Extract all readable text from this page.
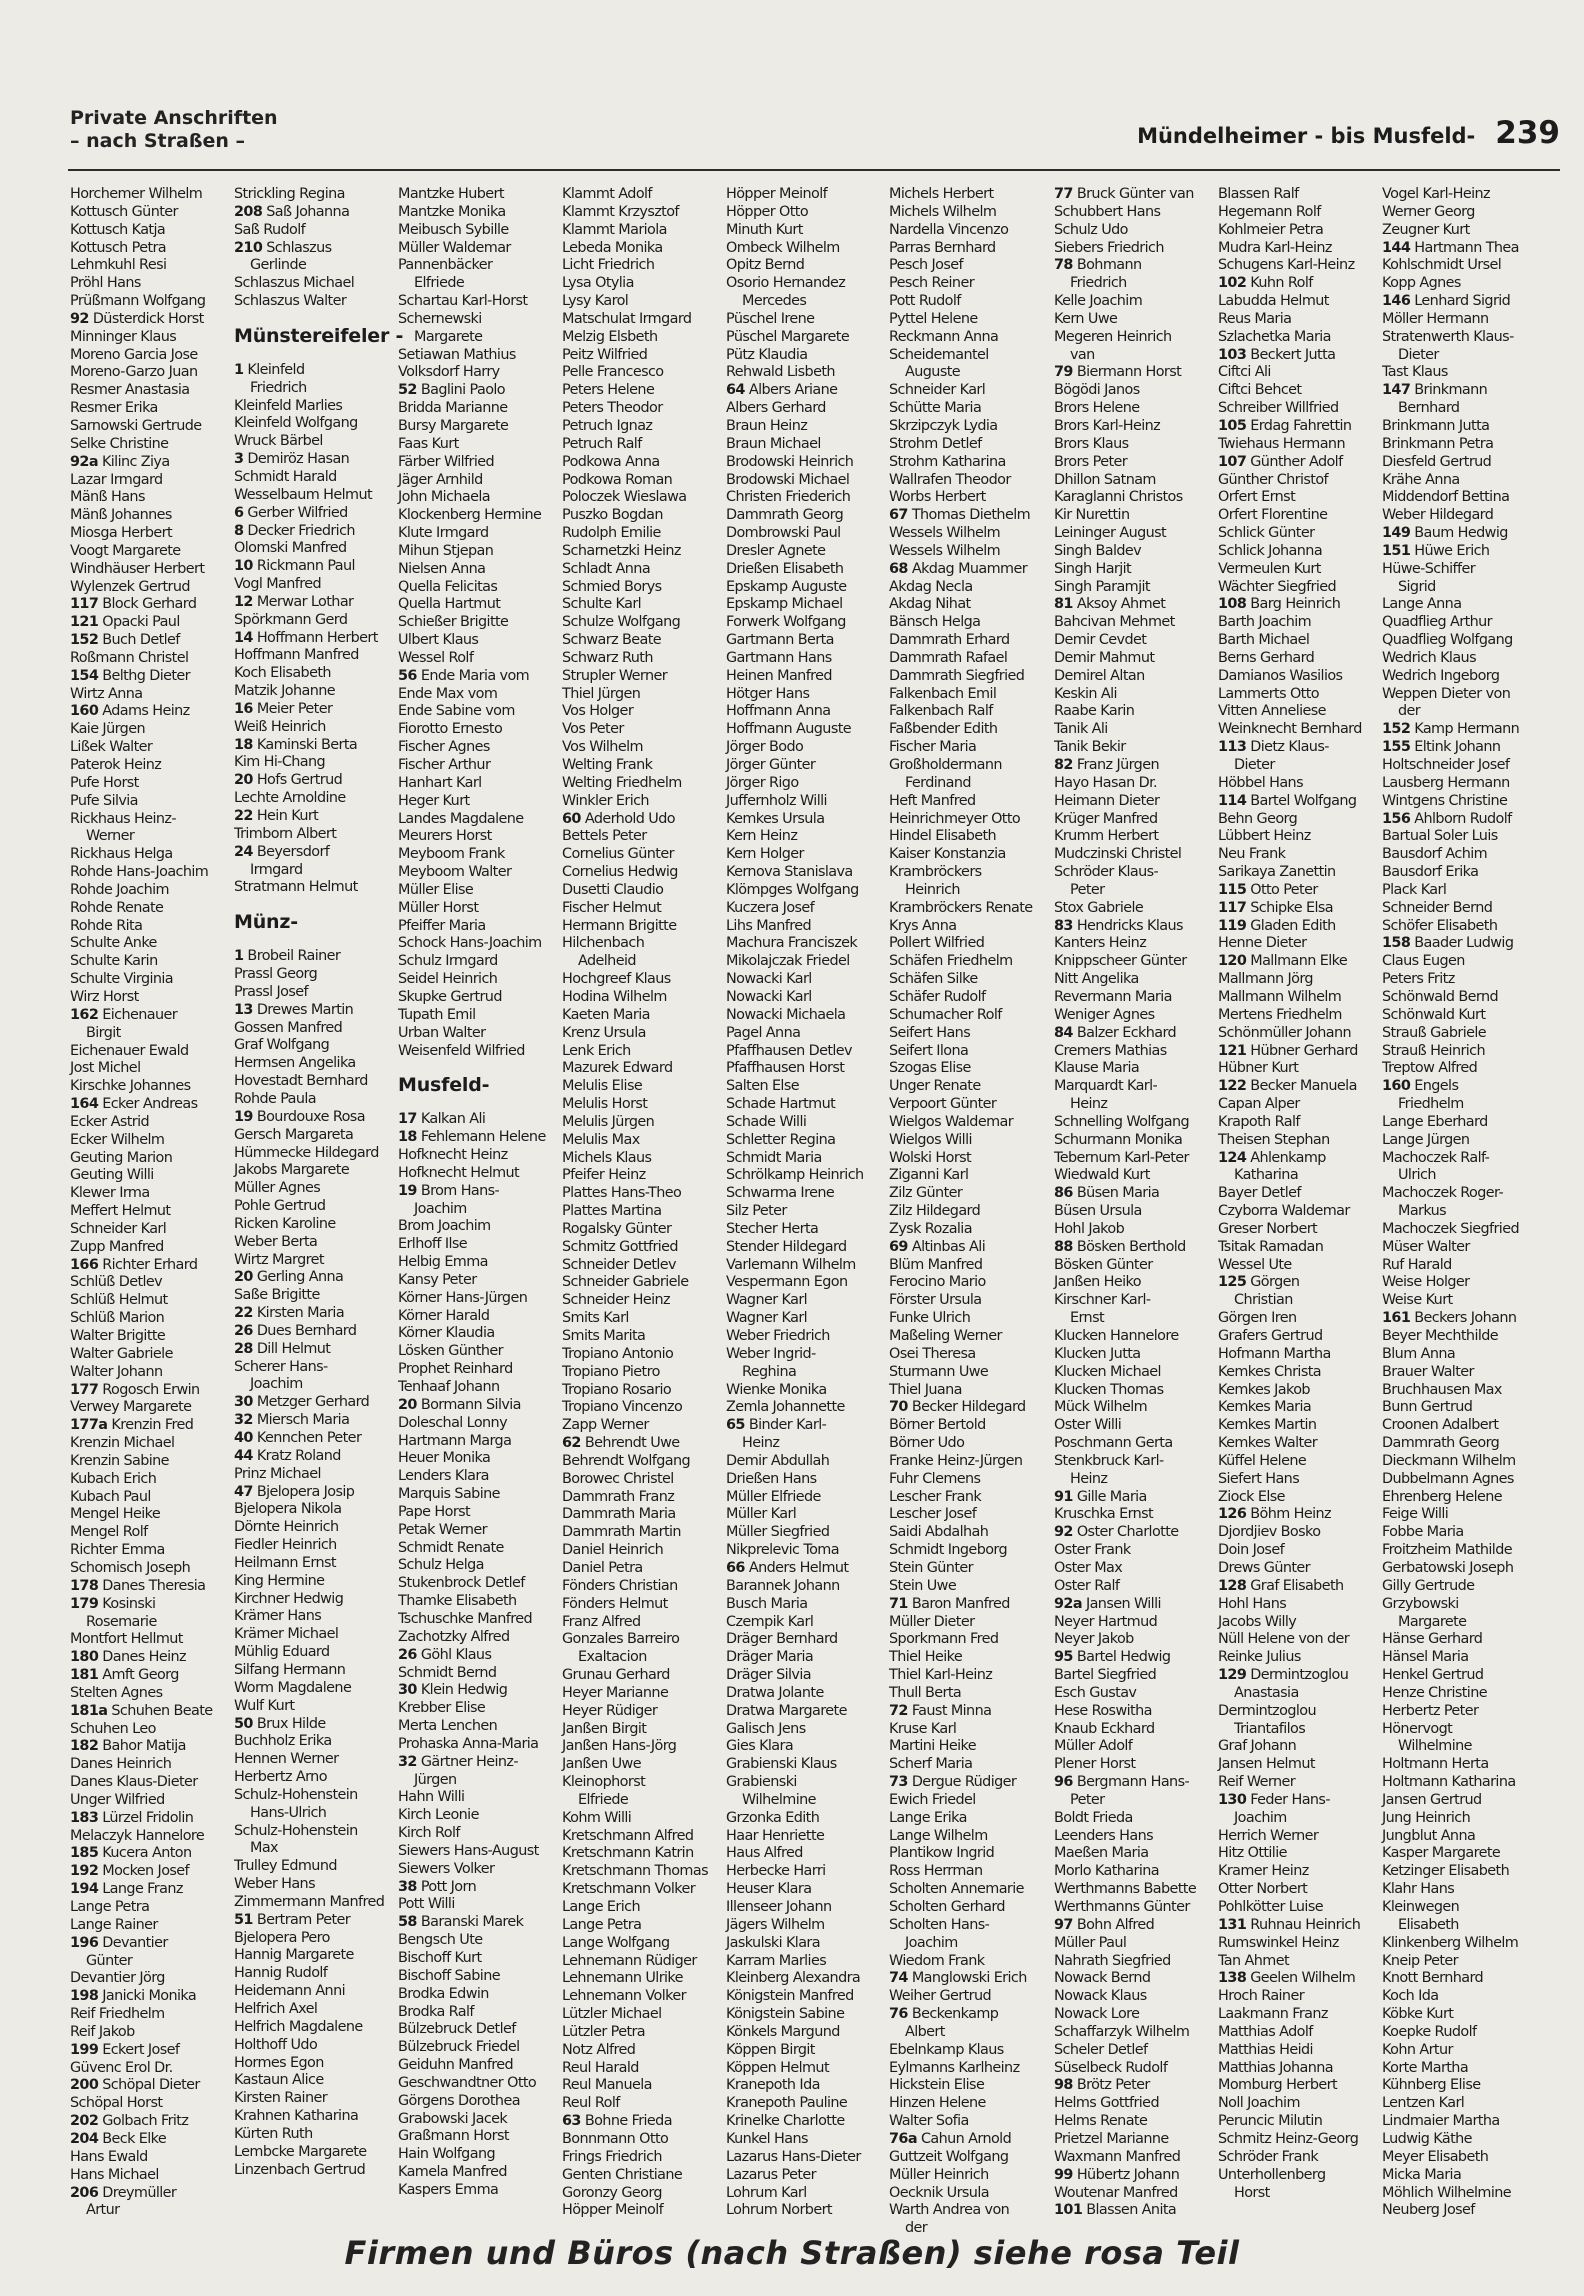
Private Anschriften
– nach Straßen –	Mündelheimer - bis Musfeld- 239
Horchemer Wilhelm
Kottusch Günter
Kottusch Katja
Kottusch Petra
Lehmkuhl Resi
Pröhl Hans
Prüßmann Wolfgang
92 Düsterdick Horst
Minninger Klaus
Moreno Garcia Jose
Moreno-Garzo Juan
Resmer Anastasia
Resmer Erika
Sarnowski Gertrude
Selke Christine
92a Kilinc Ziya
Lazar Irmgard
Mänß Hans
Mänß Johannes
Miosga Herbert
Voogt Margarete
Windhäuser Herbert
Wylenzek Gertrud
117 Block Gerhard
121 Opacki Paul
152 Buch Detlef
Roßmann Christel
154 Belthg Dieter
Wirtz Anna
160 Adams Heinz
Kaie Jürgen
Lißek Walter
Paterok Heinz
Pufe Horst
Pufe Silvia
Rickhaus Heinz-
Werner
Rickhaus Helga
Rohde Hans-Joachim
Rohde Joachim
Rohde Renate
Rohde Rita
Schulte Anke
Schulte Karin
Schulte Virginia
Wirz Horst
162 Eichenauer
Birgit
Eichenauer Ewald
Jost Michel
Kirschke Johannes
164 Ecker Andreas
Ecker Astrid
Ecker Wilhelm
Geuting Marion
Geuting Willi
Klewer Irma
Meffert Helmut
Schneider Karl
Zupp Manfred
166 Richter Erhard
Schlüß Detlev
Schlüß Helmut
Schlüß Marion
Walter Brigitte
Walter Gabriele
Walter Johann
177 Rogosch Erwin
Verwey Margarete
177a Krenzin Fred
Krenzin Michael
Krenzin Sabine
Kubach Erich
Kubach Paul
Mengel Heike
Mengel Rolf
Richter Emma
Schomisch Joseph
178 Danes Theresia
179 Kosinski
Rosemarie
Montfort Hellmut
180 Danes Heinz
181 Amft Georg
Stelten Agnes
181a Schuhen Beate
Schuhen Leo
182 Bahor Matija
Danes Heinrich
Danes Klaus-Dieter
Unger Wilfried
183 Lürzel Fridolin
Melaczyk Hannelore
185 Kucera Anton
192 Mocken Josef
194 Lange Franz
Lange Petra
Lange Rainer
196 Devantier
Günter
Devantier Jörg
198 Janicki Monika
Reif Friedhelm
Reif Jakob
199 Eckert Josef
Güvenc Erol Dr.
200 Schöpal Dieter
Schöpal Horst
202 Golbach Fritz
204 Beck Elke
Hans Ewald
Hans Michael
206 Dreymüller
Artur
Strickling Regina
208 Saß Johanna
Saß Rudolf
210 Schlaszus
Gerlinde
Schlaszus Michael
Schlaszus Walter
Münstereifeler -
1 Kleinfeld
Friedrich
Kleinfeld Marlies
Kleinfeld Wolfgang
Wruck Bärbel
3 Demiröz Hasan
Schmidt Harald
Wesselbaum Helmut
6 Gerber Wilfried
8 Decker Friedrich
Olomski Manfred
10 Rickmann Paul
Vogl Manfred
12 Merwar Lothar
Spörkmann Gerd
14 Hoffmann Herbert
Hoffmann Manfred
Koch Elisabeth
Matzik Johanne
16 Meier Peter
Weiß Heinrich
18 Kaminski Berta
Kim Hi-Chang
20 Hofs Gertrud
Lechte Arnoldine
22 Hein Kurt
Trimborn Albert
24 Beyersdorf
Irmgard
Stratmann Helmut
Münz-
1 Brobeil Rainer
Prassl Georg
Prassl Josef
13 Drewes Martin
Gossen Manfred
Graf Wolfgang
Hermsen Angelika
Hovestadt Bernhard
Rohde Paula
19 Bourdouxe Rosa
Gersch Margareta
Hümmecke Hildegard
Jakobs Margarete
Müller Agnes
Pohle Gertrud
Ricken Karoline
Weber Berta
Wirtz Margret
20 Gerling Anna
Saße Brigitte
22 Kirsten Maria
26 Dues Bernhard
28 Dill Helmut
Scherer Hans-
Joachim
30 Metzger Gerhard
32 Miersch Maria
40 Kennchen Peter
44 Kratz Roland
Prinz Michael
47 Bjelopera Josip
Bjelopera Nikola
Dörnte Heinrich
Fiedler Heinrich
Heilmann Ernst
King Hermine
Kirchner Hedwig
Krämer Hans
Krämer Michael
Mühlig Eduard
Silfang Hermann
Worm Magdalene
Wulf Kurt
50 Brux Hilde
Buchholz Erika
Hennen Werner
Herbertz Arno
Schulz-Hohenstein
Hans-Ulrich
Schulz-Hohenstein
Max
Trulley Edmund
Weber Hans
Zimmermann Manfred
51 Bertram Peter
Bjelopera Pero
Hannig Margarete
Hannig Rudolf
Heidemann Anni
Helfrich Axel
Helfrich Magdalene
Holthoff Udo
Hormes Egon
Kastaun Alice
Kirsten Rainer
Krahnen Katharina
Kürten Ruth
Lembcke Margarete
Linzenbach Gertrud
Mantzke Hubert
Mantzke Monika
Meibusch Sybille
Müller Waldemar
Pannenbäcker
Elfriede
Schartau Karl-Horst
Schernewski
Margarete
Setiawan Mathius
Volksdorf Harry
52 Baglini Paolo
Bridda Marianne
Bursy Margarete
Faas Kurt
Färber Wilfried
Jäger Arnhild
John Michaela
Klockenberg Hermine
Klute Irmgard
Mihun Stjepan
Nielsen Anna
Quella Felicitas
Quella Hartmut
Schießer Brigitte
Ulbert Klaus
Wessel Rolf
56 Ende Maria vom
Ende Max vom
Ende Sabine vom
Fiorotto Ernesto
Fischer Agnes
Fischer Arthur
Hanhart Karl
Heger Kurt
Landes Magdalene
Meurers Horst
Meyboom Frank
Meyboom Walter
Müller Elise
Müller Horst
Pfeiffer Maria
Schock Hans-Joachim
Schulz Irmgard
Seidel Heinrich
Skupke Gertrud
Tupath Emil
Urban Walter
Weisenfeld Wilfried
Musfeld-
17 Kalkan Ali
18 Fehlemann Helene
Hofknecht Heinz
Hofknecht Helmut
19 Brom Hans-
Joachim
Brom Joachim
Erlhoff Ilse
Helbig Emma
Kansy Peter
Körner Hans-Jürgen
Körner Harald
Körner Klaudia
Lösken Günther
Prophet Reinhard
Tenhaaf Johann
20 Bormann Silvia
Doleschal Lonny
Hartmann Marga
Heuer Monika
Lenders Klara
Marquis Sabine
Pape Horst
Petak Werner
Schmidt Renate
Schulz Helga
Stukenbrock Detlef
Thamke Elisabeth
Tschuschke Manfred
Zachotzky Alfred
26 Göhl Klaus
Schmidt Bernd
30 Klein Hedwig
Krebber Elise
Merta Lenchen
Prohaska Anna-Maria
32 Gärtner Heinz-
Jürgen
Hahn Willi
Kirch Leonie
Kirch Rolf
Siewers Hans-August
Siewers Volker
38 Pott Jorn
Pott Willi
58 Baranski Marek
Bengsch Ute
Bischoff Kurt
Bischoff Sabine
Brodka Edwin
Brodka Ralf
Bülzebruck Detlef
Bülzebruck Friedel
Geiduhn Manfred
Geschwandtner Otto
Görgens Dorothea
Grabowski Jacek
Graßmann Horst
Hain Wolfgang
Kamela Manfred
Kaspers Emma
Klammt Adolf
Klammt Krzysztof
Klammt Mariola
Lebeda Monika
Licht Friedrich
Lysa Otylia
Lysy Karol
Matschulat Irmgard
Melzig Elsbeth
Peitz Wilfried
Pelle Francesco
Peters Helene
Peters Theodor
Petruch Ignaz
Petruch Ralf
Podkowa Anna
Podkowa Roman
Poloczek Wieslawa
Puszko Bogdan
Rudolph Emilie
Scharnetzki Heinz
Schladt Anna
Schmied Borys
Schulte Karl
Schulze Wolfgang
Schwarz Beate
Schwarz Ruth
Strupler Werner
Thiel Jürgen
Vos Holger
Vos Peter
Vos Wilhelm
Welting Frank
Welting Friedhelm
Winkler Erich
60 Aderhold Udo
Bettels Peter
Cornelius Günter
Cornelius Hedwig
Dusetti Claudio
Fischer Helmut
Hermann Brigitte
Hilchenbach
Adelheid
Hochgreef Klaus
Hodina Wilhelm
Kaeten Maria
Krenz Ursula
Lenk Erich
Mazurek Edward
Melulis Elise
Melulis Horst
Melulis Jürgen
Melulis Max
Michels Klaus
Pfeifer Heinz
Plattes Hans-Theo
Plattes Martina
Rogalsky Günter
Schmitz Gottfried
Schneider Detlev
Schneider Gabriele
Schneider Heinz
Smits Karl
Smits Marita
Tropiano Antonio
Tropiano Pietro
Tropiano Rosario
Tropiano Vincenzo
Zapp Werner
62 Behrendt Uwe
Behrendt Wolfgang
Borowec Christel
Dammrath Franz
Dammrath Maria
Dammrath Martin
Daniel Heinrich
Daniel Petra
Fönders Christian
Fönders Helmut
Franz Alfred
Gonzales Barreiro
Exaltacion
Grunau Gerhard
Heyer Marianne
Heyer Rüdiger
Janßen Birgit
Janßen Hans-Jörg
Janßen Uwe
Kleinophorst
Elfriede
Kohm Willi
Kretschmann Alfred
Kretschmann Katrin
Kretschmann Thomas
Kretschmann Volker
Lange Erich
Lange Petra
Lange Wolfgang
Lehnemann Rüdiger
Lehnemann Ulrike
Lehnemann Volker
Lützler Michael
Lützler Petra
Notz Alfred
Reul Harald
Reul Manuela
Reul Rolf
63 Bohne Frieda
Bonnmann Otto
Frings Friedrich
Genten Christiane
Goronzy Georg
Höpper Meinolf
Höpper Meinolf
Höpper Otto
Minuth Kurt
Ombeck Wilhelm
Opitz Bernd
Osorio Hernandez
Mercedes
Püschel Irene
Püschel Margarete
Pütz Klaudia
Rehwald Lisbeth
64 Albers Ariane
Albers Gerhard
Braun Heinz
Braun Michael
Brodowski Heinrich
Brodowski Michael
Christen Friederich
Dammrath Georg
Dombrowski Paul
Dresler Agnete
Drießen Elisabeth
Epskamp Auguste
Epskamp Michael
Forwerk Wolfgang
Gartmann Berta
Gartmann Hans
Heinen Manfred
Hötger Hans
Hoffmann Anna
Hoffmann Auguste
Jörger Bodo
Jörger Günter
Jörger Rigo
Juffernholz Willi
Kemkes Ursula
Kern Heinz
Kern Holger
Kernova Stanislava
Klömpges Wolfgang
Kuczera Josef
Lihs Manfred
Machura Franciszek
Mikolajczak Friedel
Nowacki Karl
Nowacki Karl
Nowacki Michaela
Pagel Anna
Pfaffhausen Detlev
Pfaffhausen Horst
Salten Else
Schade Hartmut
Schade Willi
Schletter Regina
Schmidt Maria
Schrölkamp Heinrich
Schwarma Irene
Silz Peter
Stecher Herta
Stender Hildegard
Varlemann Wilhelm
Vespermann Egon
Wagner Karl
Wagner Karl
Weber Friedrich
Weber Ingrid-
Reghina
Wienke Monika
Zemla Johannette
65 Binder Karl-
Heinz
Demir Abdullah
Drießen Hans
Müller Elfriede
Müller Karl
Müller Siegfried
Nikprelevic Toma
66 Anders Helmut
Barannek Johann
Busch Maria
Czempik Karl
Dräger Bernhard
Dräger Maria
Dräger Silvia
Dratwa Jolante
Dratwa Margarete
Galisch Jens
Gies Klara
Grabienski Klaus
Grabienski
Wilhelmine
Grzonka Edith
Haar Henriette
Haus Alfred
Herbecke Harri
Heuser Klara
Illenseer Johann
Jägers Wilhelm
Jaskulski Klara
Karram Marlies
Kleinberg Alexandra
Königstein Manfred
Königstein Sabine
Könkels Margund
Köppen Birgit
Köppen Helmut
Kranepoth Ida
Kranepoth Pauline
Krinelke Charlotte
Kunkel Hans
Lazarus Hans-Dieter
Lazarus Peter
Lohrum Karl
Lohrum Norbert
Michels Herbert
Michels Wilhelm
Nardella Vincenzo
Parras Bernhard
Pesch Josef
Pesch Reiner
Pott Rudolf
Pyttel Helene
Reckmann Anna
Scheidemantel
Auguste
Schneider Karl
Schütte Maria
Skrzipczyk Lydia
Strohm Detlef
Strohm Katharina
Wallrafen Theodor
Worbs Herbert
67 Thomas Diethelm
Wessels Wilhelm
Wessels Wilhelm
68 Akdag Muammer
Akdag Necla
Akdag Nihat
Bänsch Helga
Dammrath Erhard
Dammrath Rafael
Dammrath Siegfried
Falkenbach Emil
Falkenbach Ralf
Faßbender Edith
Fischer Maria
Großholdermann
Ferdinand
Heft Manfred
Heinrichmeyer Otto
Hindel Elisabeth
Kaiser Konstanzia
Krambröckers
Heinrich
Krambröckers Renate
Krys Anna
Pollert Wilfried
Schäfen Friedhelm
Schäfen Silke
Schäfer Rudolf
Schumacher Rolf
Seifert Hans
Seifert Ilona
Szogas Elise
Unger Renate
Verpoort Günter
Wielgos Waldemar
Wielgos Willi
Wolski Horst
Ziganni Karl
Zilz Günter
Zilz Hildegard
Zysk Rozalia
69 Altinbas Ali
Blüm Manfred
Ferocino Mario
Förster Ursula
Funke Ulrich
Maßeling Werner
Osei Theresa
Sturmann Uwe
Thiel Juana
70 Becker Hildegard
Börner Bertold
Börner Udo
Franke Heinz-Jürgen
Fuhr Clemens
Lescher Frank
Lescher Josef
Saidi Abdalhah
Schmidt Ingeborg
Stein Günter
Stein Uwe
71 Baron Manfred
Müller Dieter
Sporkmann Fred
Thiel Heike
Thiel Karl-Heinz
Thull Berta
72 Faust Minna
Kruse Karl
Martini Heike
Scherf Maria
73 Dergue Rüdiger
Ewich Friedel
Lange Erika
Lange Wilhelm
Plantikow Ingrid
Ross Herrman
Scholten Annemarie
Scholten Gerhard
Scholten Hans-
Joachim
Wiedom Frank
74 Manglowski Erich
Weiher Gertrud
76 Beckenkamp
Albert
Ebelnkamp Klaus
Eylmanns Karlheinz
Hickstein Elise
Hinzen Helene
Walter Sofia
76a Cahun Arnold
Guttzeit Wolfgang
Müller Heinrich
Oecknik Ursula
Warth Andrea von
der
77 Bruck Günter van
Schubbert Hans
Schulz Udo
Siebers Friedrich
78 Bohmann
Friedrich
Kelle Joachim
Kern Uwe
Megeren Heinrich
van
79 Biermann Horst
Bögödi Janos
Brors Helene
Brors Karl-Heinz
Brors Klaus
Brors Peter
Dhillon Satnam
Karaglanni Christos
Kir Nurettin
Leininger August
Singh Baldev
Singh Harjit
Singh Paramjit
81 Aksoy Ahmet
Bahcivan Mehmet
Demir Cevdet
Demir Mahmut
Demirel Altan
Keskin Ali
Raabe Karin
Tanik Ali
Tanik Bekir
82 Franz Jürgen
Hayo Hasan Dr.
Heimann Dieter
Krüger Manfred
Krumm Herbert
Mudczinski Christel
Schröder Klaus-
Peter
Stox Gabriele
83 Hendricks Klaus
Kanters Heinz
Knippscheer Günter
Nitt Angelika
Revermann Maria
Weniger Agnes
84 Balzer Eckhard
Cremers Mathias
Klause Maria
Marquardt Karl-
Heinz
Schnelling Wolfgang
Schurmann Monika
Tebernum Karl-Peter
Wiedwald Kurt
86 Büsen Maria
Büsen Ursula
Hohl Jakob
88 Bösken Berthold
Bösken Günter
Janßen Heiko
Kirschner Karl-
Ernst
Klucken Hannelore
Klucken Jutta
Klucken Michael
Klucken Thomas
Mück Wilhelm
Oster Willi
Poschmann Gerta
Stenkbruck Karl-
Heinz
91 Gille Maria
Kruschka Ernst
92 Oster Charlotte
Oster Frank
Oster Max
Oster Ralf
92a Jansen Willi
Neyer Hartmud
Neyer Jakob
95 Bartel Hedwig
Bartel Siegfried
Esch Gustav
Hese Roswitha
Knaub Eckhard
Müller Adolf
Plener Horst
96 Bergmann Hans-
Peter
Boldt Frieda
Leenders Hans
Maeßen Maria
Morlo Katharina
Werthmanns Babette
Werthmanns Günter
97 Bohn Alfred
Müller Paul
Nahrath Siegfried
Nowack Bernd
Nowack Klaus
Nowack Lore
Schaffarzyk Wilhelm
Scheler Detlef
Süselbeck Rudolf
98 Brötz Peter
Helms Gottfried
Helms Renate
Prietzel Marianne
Waxmann Manfred
99 Hübertz Johann
Woutenar Manfred
101 Blassen Anita
Blassen Ralf
Hegemann Rolf
Kohlmeier Petra
Mudra Karl-Heinz
Schugens Karl-Heinz
102 Kuhn Rolf
Labudda Helmut
Reus Maria
Szlachetka Maria
103 Beckert Jutta
Ciftci Ali
Ciftci Behcet
Schreiber Willfried
105 Erdag Fahrettin
Twiehaus Hermann
107 Günther Adolf
Günther Christof
Orfert Ernst
Orfert Florentine
Schlick Günter
Schlick Johanna
Vermeulen Kurt
Wächter Siegfried
108 Barg Heinrich
Barth Joachim
Barth Michael
Berns Gerhard
Damianos Wasilios
Lammerts Otto
Vitten Anneliese
Weinknecht Bernhard
113 Dietz Klaus-
Dieter
Höbbel Hans
114 Bartel Wolfgang
Behn Georg
Lübbert Heinz
Neu Frank
Sarikaya Zanettin
115 Otto Peter
117 Schipke Elsa
119 Gladen Edith
Henne Dieter
120 Mallmann Elke
Mallmann Jörg
Mallmann Wilhelm
Mertens Friedhelm
Schönmüller Johann
121 Hübner Gerhard
Hübner Kurt
122 Becker Manuela
Capan Alper
Krapoth Ralf
Theisen Stephan
124 Ahlenkamp
Katharina
Bayer Detlef
Czyborra Waldemar
Greser Norbert
Tsitak Ramadan
Wessel Ute
125 Görgen
Christian
Görgen Iren
Grafers Gertrud
Hofmann Martha
Kemkes Christa
Kemkes Jakob
Kemkes Maria
Kemkes Martin
Kemkes Walter
Küffel Helene
Siefert Hans
Ziock Else
126 Böhm Heinz
Djordjiev Bosko
Doin Josef
Drews Günter
128 Graf Elisabeth
Hohl Hans
Jacobs Willy
Nüll Helene von der
Reinke Julius
129 Dermintzoglou
Anastasia
Dermintzoglou
Triantafilos
Graf Johann
Jansen Helmut
Reif Werner
130 Feder Hans-
Joachim
Herrich Werner
Hitz Ottilie
Kramer Heinz
Otter Norbert
Pohlkötter Luise
131 Ruhnau Heinrich
Rumswinkel Heinz
Tan Ahmet
138 Geelen Wilhelm
Hroch Rainer
Laakmann Franz
Matthias Adolf
Matthias Heidi
Matthias Johanna
Momburg Herbert
Noll Joachim
Peruncic Milutin
Schmitz Heinz-Georg
Schröder Frank
Unterhollenberg
Horst
Vogel Karl-Heinz
Werner Georg
Zeugner Kurt
144 Hartmann Thea
Kohlschmidt Ursel
Kopp Agnes
146 Lenhard Sigrid
Möller Hermann
Stratenwerth Klaus-
Dieter
Tast Klaus
147 Brinkmann
Bernhard
Brinkmann Jutta
Brinkmann Petra
Diesfeld Gertrud
Krähe Anna
Middendorf Bettina
Weber Hildegard
149 Baum Hedwig
151 Hüwe Erich
Hüwe-Schiffer
Sigrid
Lange Anna
Quadflieg Arthur
Quadflieg Wolfgang
Wedrich Klaus
Wedrich Ingeborg
Weppen Dieter von
der
152 Kamp Hermann
155 Eltink Johann
Holtschneider Josef
Lausberg Hermann
Wintgens Christine
156 Ahlborn Rudolf
Bartual Soler Luis
Bausdorf Achim
Bausdorf Erika
Plack Karl
Schneider Bernd
Schöfer Elisabeth
158 Baader Ludwig
Claus Eugen
Peters Fritz
Schönwald Bernd
Schönwald Kurt
Strauß Gabriele
Strauß Heinrich
Treptow Alfred
160 Engels
Friedhelm
Lange Eberhard
Lange Jürgen
Machoczek Ralf-
Ulrich
Machoczek Roger-
Markus
Machoczek Siegfried
Müser Walter
Ruf Harald
Weise Holger
Weise Kurt
161 Beckers Johann
Beyer Mechthilde
Blum Anna
Brauer Walter
Bruchhausen Max
Bunn Gertrud
Croonen Adalbert
Dammrath Georg
Dieckmann Wilhelm
Dubbelmann Agnes
Ehrenberg Helene
Feige Willi
Fobbe Maria
Froitzheim Mathilde
Gerbatowski Joseph
Gilly Gertrude
Grzybowski
Margarete
Hänse Gerhard
Hänsel Maria
Henkel Gertrud
Henze Christine
Herbertz Peter
Hönervogt
Wilhelmine
Holtmann Herta
Holtmann Katharina
Jansen Gertrud
Jung Heinrich
Jungblut Anna
Kasper Margarete
Ketzinger Elisabeth
Klahr Hans
Kleinwegen
Elisabeth
Klinkenberg Wilhelm
Kneip Peter
Knott Bernhard
Koch Ida
Köbke Kurt
Koepke Rudolf
Kohn Artur
Korte Martha
Kühnberg Elise
Lentzen Karl
Lindmaier Martha
Ludwig Käthe
Meyer Elisabeth
Micka Maria
Möhlich Wilhelmine
Neuberg Josef
Firmen und Büros (nach Straßen) siehe rosa Teil
